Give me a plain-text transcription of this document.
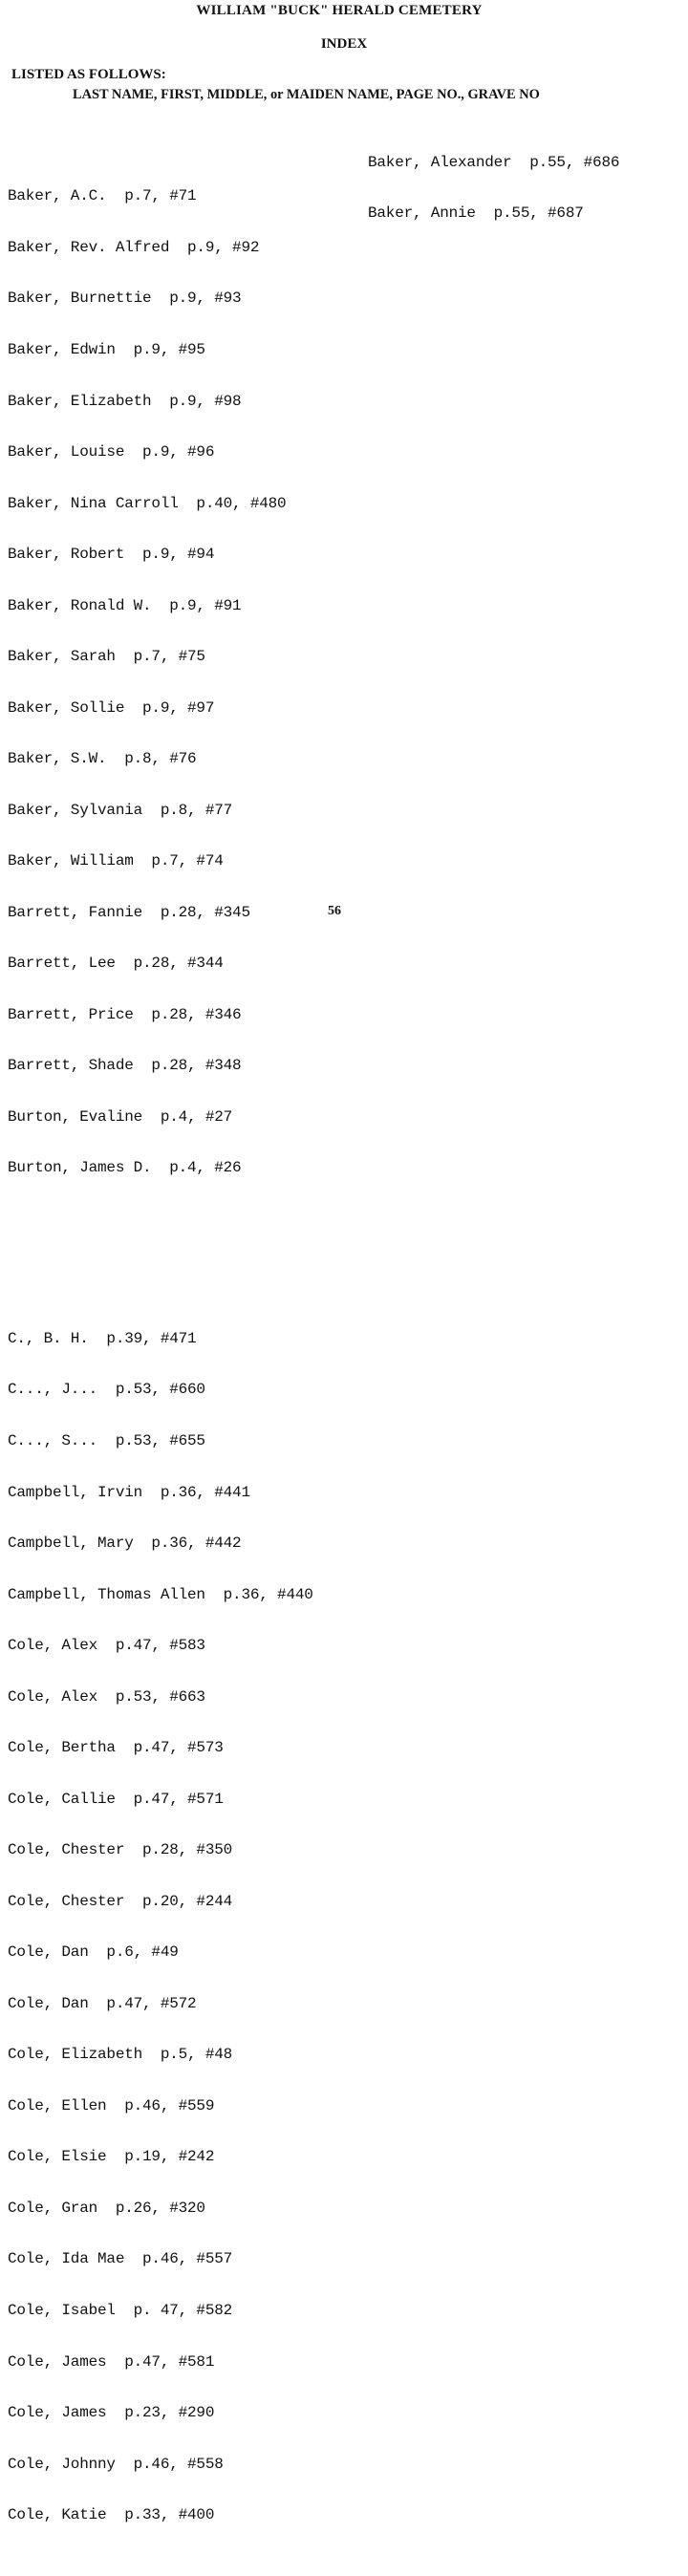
WILLIAM "BUCK" HERALD CEMETERY
INDEX
LISTED AS FOLLOWS:
LAST NAME, FIRST, MIDDLE, or MAIDEN NAME, PAGE NO., GRAVE NO

Baker, A.C.  p.7, #71

Baker, Rev. Alfred  p.9, #92

Baker, Burnettie  p.9, #93

Baker, Edwin  p.9, #95

Baker, Elizabeth  p.9, #98

Baker, Louise  p.9, #96

Baker, Nina Carroll  p.40, #480

Baker, Robert  p.9, #94

Baker, Ronald W.  p.9, #91

Baker, Sarah  p.7, #75

Baker, Sollie  p.9, #97

Baker, S.W.  p.8, #76

Baker, Sylvania  p.8, #77

Baker, William  p.7, #74

Barrett, Fannie  p.28, #345

Barrett, Lee  p.28, #344

Barrett, Price  p.28, #346

Barrett, Shade  p.28, #348

Burton, Evaline  p.4, #27

Burton, James D.  p.4, #26

C., B. H.  p.39, #471

C..., J...  p.53, #660

C..., S...  p.53, #655

Campbell, Irvin  p.36, #441

Campbell, Mary  p.36, #442

Campbell, Thomas Allen  p.36, #440

Cole, Alex  p.47, #583

Cole, Alex  p.53, #663

Cole, Bertha  p.47, #573

Cole, Callie  p.47, #571

Cole, Chester  p.28, #350

Cole, Chester  p.20, #244

Cole, Dan  p.6, #49

Cole, Dan  p.47, #572

Cole, Elizabeth  p.5, #48

Cole, Ellen  p.46, #559

Cole, Elsie  p.19, #242

Cole, Gran  p.26, #320

Cole, Ida Mae  p.46, #557

Cole, Isabel  p. 47, #582

Cole, James  p.47, #581

Cole, James  p.23, #290

Cole, Johnny  p.46, #558

Cole, Katie  p.33, #400

Baker, Alexander  p.55, #686

Baker, Annie  p.55, #687

56
